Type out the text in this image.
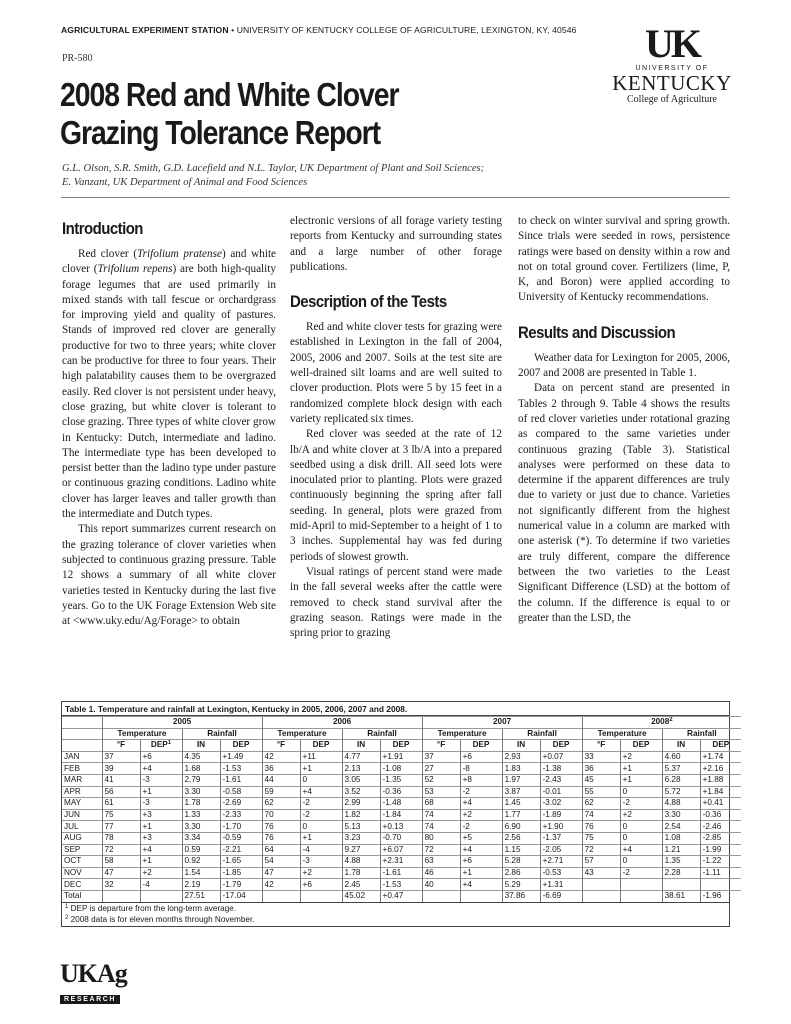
AGRICULTURAL EXPERIMENT STATION • UNIVERSITY OF KENTUCKY COLLEGE OF AGRICULTURE, LEXINGTON, KY, 40546
PR-580
2008 Red and White Clover
Grazing Tolerance Report
G.L. Olson, S.R. Smith, G.D. Lacefield and N.L. Taylor, UK Department of Plant and Soil Sciences;
E. Vanzant, UK Department of Animal and Food Sciences
UK
UNIVERSITY OF
KENTUCKY
College of Agriculture
Introduction

Red clover (Trifolium pratense) and white clover (Trifolium repens) are both high-quality forage legumes that are used primarily in mixed stands with tall fescue or orchardgrass for improving yield and quality of pastures. Stands of improved red clover are generally productive for two to three years; white clover can be productive for three to four years. Their high palatability causes them to be overgrazed easily. Red clover is not persistent under heavy, close grazing, but white clover is tolerant to close grazing. Three types of white clover grow in Kentucky: Dutch, intermediate and ladino. The intermediate type has been developed to persist better than the ladino type under pasture or continuous grazing conditions. Ladino white clover has larger leaves and taller growth than the intermediate and Dutch types.

This report summarizes current research on the grazing tolerance of clover varieties when subjected to continuous grazing pressure. Table 12 shows a summary of all white clover varieties tested in Kentucky during the last five years. Go to the UK Forage Extension Web site at <www.uky.edu/Ag/Forage> to obtain

electronic versions of all forage variety testing reports from Kentucky and surrounding states and a large number of other forage publications.

Description of the Tests

Red and white clover tests for grazing were established in Lexington in the fall of 2004, 2005, 2006 and 2007. Soils at the test site are well-drained silt loams and are well suited to clover production. Plots were 5 by 15 feet in a randomized complete block design with each variety replicated six times.

Red clover was seeded at the rate of 12 lb/A and white clover at 3 lb/A into a prepared seedbed using a disk drill. All seed lots were inoculated prior to planting. Plots were grazed continuously beginning the spring after fall seeding. In general, plots were grazed from mid-April to mid-September to a height of 1 to 3 inches. Supplemental hay was fed during periods of slowest growth.

Visual ratings of percent stand were made in the fall several weeks after the cattle were removed to check stand survival after the grazing season. Ratings were made in the spring prior to grazing

to check on winter survival and spring growth. Since trials were seeded in rows, persistence ratings were based on density within a row and not on total ground cover. Fertilizers (lime, P, K, and Boron) were applied according to University of Kentucky recommendations.

Results and Discussion

Weather data for Lexington for 2005, 2006, 2007 and 2008 are presented in Table 1.

Data on percent stand are presented in Tables 2 through 9. Table 4 shows the results of red clover varieties under rotational grazing as compared to the same varieties under continuous grazing (Table 3). Statistical analyses were performed on these data to determine if the apparent differences are truly due to variety or just due to chance. Varieties not significantly different from the highest numerical value in a column are marked with one asterisk (*). To determine if two varieties are truly different, compare the difference between the two varieties to the Least Significant Difference (LSD) at the bottom of the column. If the difference is equal to or greater than the LSD, the

Table 1. Temperature and rainfall at Lexington, Kentucky in 2005, 2006, 2007 and 2008.
	2005				2006				2007				2008$^2$
	Temperature		Rainfall		Temperature		Rainfall		Temperature		Rainfall		Temperature		Rainfall	
	°F	DEP$^1$	IN	DEP	°F	DEP	IN	DEP	°F	DEP	IN	DEP	°F	DEP	IN	DEP
JAN	37	+6	4.35	+1.49	42	+11	4.77	+1.91	37	+6	2.93	+0.07	33	+2	4.60	+1.74
FEB	39	+4	1.68	-1.53	36	+1	2.13	-1.08	27	-8	1.83	-1.38	36	+1	5.37	+2.16
MAR	41	-3	2.79	-1.61	44	0	3.05	-1.35	52	+8	1.97	-2.43	45	+1	6.28	+1.88
APR	56	+1	3.30	-0.58	59	+4	3.52	-0.36	53	-2	3.87	-0.01	55	0	5.72	+1.84
MAY	61	-3	1.78	-2.69	62	-2	2.99	-1.48	68	+4	1.45	-3.02	62	-2	4.88	+0.41
JUN	75	+3	1.33	-2.33	70	-2	1.82	-1.84	74	+2	1.77	-1.89	74	+2	3.30	-0.36
JUL	77	+1	3.30	-1.70	76	0	5.13	+0.13	74	-2	6.90	+1.90	76	0	2.54	-2.46
AUG	78	+3	3.34	-0.59	76	+1	3.23	-0.70	80	+5	2.56	-1.37	75	0	1.08	-2.85
SEP	72	+4	0.59	-2.21	64	-4	9.27	+6.07	72	+4	1.15	-2.05	72	+4	1.21	-1.99
OCT	58	+1	0.92	-1.65	54	-3	4.88	+2.31	63	+6	5.28	+2.71	57	0	1.35	-1.22
NOV	47	+2	1.54	-1.85	47	+2	1.78	-1.61	46	+1	2.86	-0.53	43	-2	2.28	-1.11
DEC	32	-4	2.19	-1.79	42	+6	2.45	-1.53	40	+4	5.29	+1.31				
Total			27.51	-17.04			45.02	+0.47			37.86	-6.69			38.61	-1.96
$^1$ DEP is departure from the long-term average.
$^2$ 2008 data is for eleven months through November.
UKAg
RESEARCH
